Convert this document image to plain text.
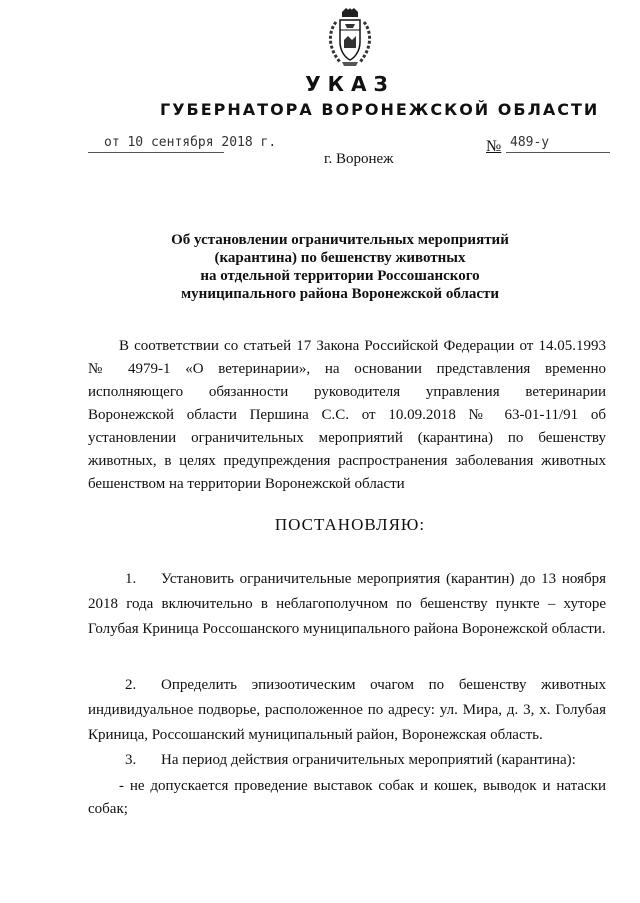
УКАЗ
ГУБЕРНАТОРА ВОРОНЕЖСКОЙ ОБЛАСТИ
от 10 сентября 2018 г.	№ 489-у
г. Воронеж
Об установлении ограничительных мероприятий
(карантина) по бешенству животных
на отдельной территории Россошанского
муниципального района Воронежской области
В соответствии со статьей 17 Закона Российской Федерации от 14.05.1993 № 4979-1 «О ветеринарии», на основании представления временно исполняющего обязанности руководителя управления ветеринарии Воронежской области Першина С.С. от 10.09.2018 № 63-01-11/91 об установлении ограничительных мероприятий (карантина) по бешенству животных, в целях предупреждения распространения заболевания животных бешенством на территории Воронежской области
ПОСТАНОВЛЯЮ:
1. Установить ограничительные мероприятия (карантин) до 13 ноября 2018 года включительно в неблагополучном по бешенству пункте – хуторе Голубая Криница Россошанского муниципального района Воронежской области.
2. Определить эпизоотическим очагом по бешенству животных индивидуальное подворье, расположенное по адресу: ул. Мира, д. 3, х. Голубая Криница, Россошанский муниципальный район, Воронежская область.
3. На период действия ограничительных мероприятий (карантина):
- не допускается проведение выставок собак и кошек, выводок и натаски собак;
